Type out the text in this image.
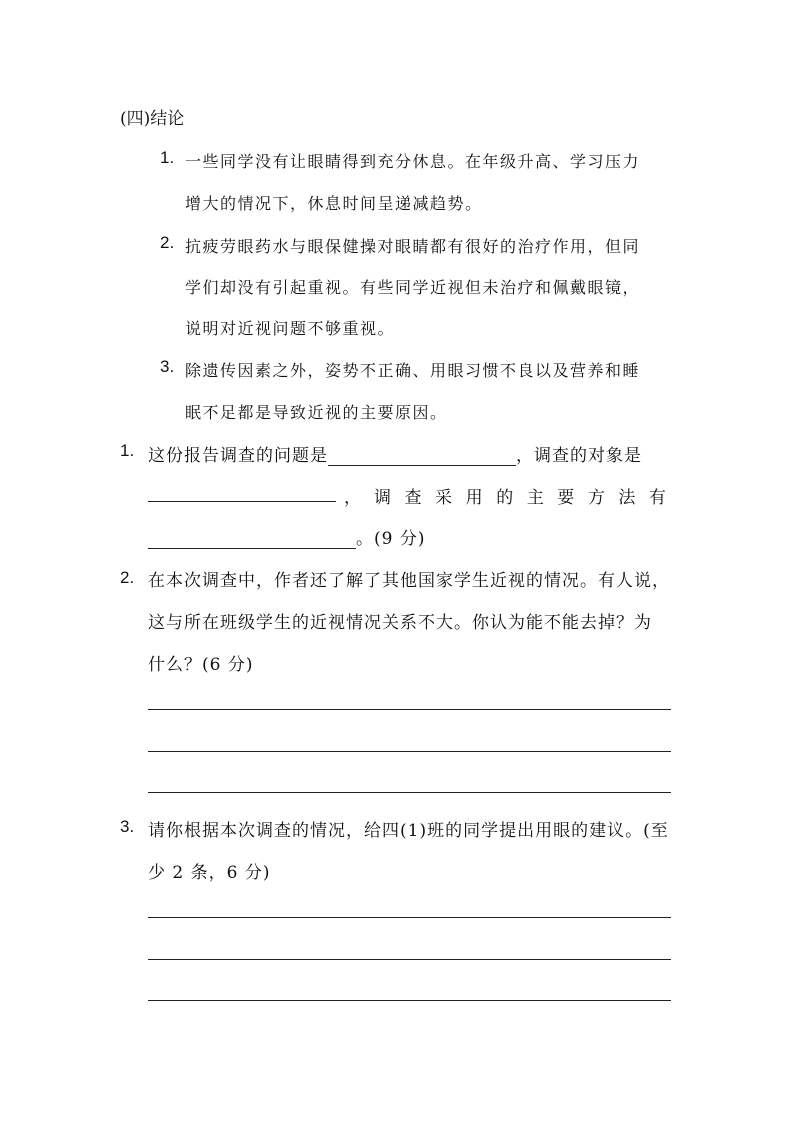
(四)结论
1. 一些同学没有让眼睛得到充分休息。在年级升高、学习压力
增大的情况下，休息时间呈递减趋势。
2. 抗疲劳眼药水与眼保健操对眼睛都有很好的治疗作用，但同
学们却没有引起重视。有些同学近视但未治疗和佩戴眼镜，
说明对近视问题不够重视。
3. 除遗传因素之外，姿势不正确、用眼习惯不良以及营养和睡
眠不足都是导致近视的主要原因。
1. 这份报告调查的问题是	，调查的对象是
， 调 查 采 用 的 主 要 方 法 有
。(9 分)
2. 在本次调查中，作者还了解了其他国家学生近视的情况。有人说，
这与所在班级学生的近视情况关系不大。你认为能不能去掉？为
什么？(6 分)
3. 请你根据本次调查的情况，给四(1)班的同学提出用眼的建议。(至
少 2 条，6 分)
